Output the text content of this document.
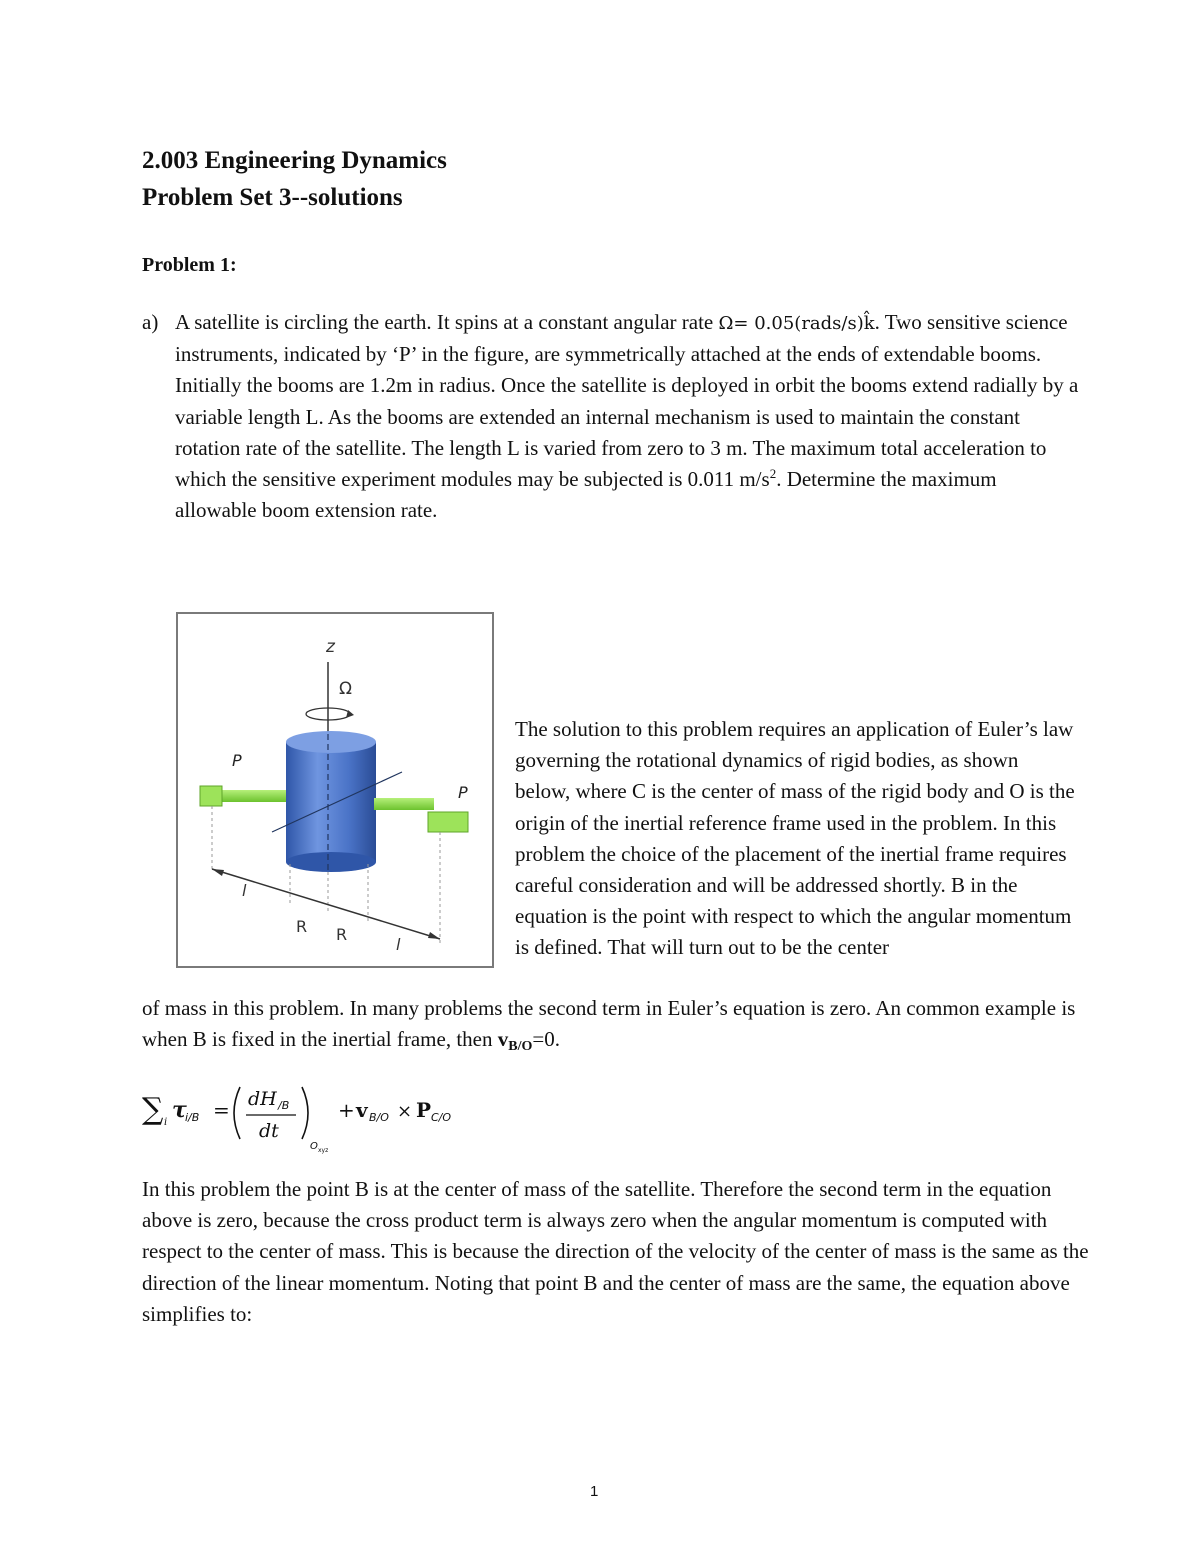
2.003 Engineering Dynamics
Problem Set 3--solutions
Problem 1:
a) A satellite is circling the earth. It spins at a constant angular rate Ω= 0.05(rads/s)k̂. Two sensitive science instruments, indicated by ‘P’ in the figure, are symmetrically attached at the ends of extendable booms. Initially the booms are 1.2m in radius. Once the satellite is deployed in orbit the booms extend radially by a variable length L. As the booms are extended an internal mechanism is used to maintain the constant rotation rate of the satellite. The length L is varied from zero to 3 m. The maximum total acceleration to which the sensitive experiment modules may be subjected is 0.011 $m/s^2$. Determine the maximum allowable boom extension rate.
z
Ω
P
P
l
R R
l
The solution to this problem requires an application of Euler’s law governing the rotational dynamics of rigid bodies, as shown below, where C is the center of mass of the rigid body and O is the origin of the inertial reference frame used in the problem. In this problem the choice of the placement of the inertial frame requires careful consideration and will be addressed shortly. B in the equation is the point with respect to which the angular momentum is defined. That will turn out to be the center
of mass in this problem. In many problems the second term in Euler’s equation is zero. An common example is when B is fixed in the inertial frame, then $v_{B/O}=0$.
∑ i τ
i/B = dH /B
dt
O xyz
+ v B/O × P C/O
In this problem the point B is at the center of mass of the satellite. Therefore the second term in the equation above is zero, because the cross product term is always zero when the angular momentum is computed with respect to the center of mass. This is because the direction of the velocity of the center of mass is the same as the direction of the linear momentum. Noting that point B and the center of mass are the same, the equation above simplifies to:
1
